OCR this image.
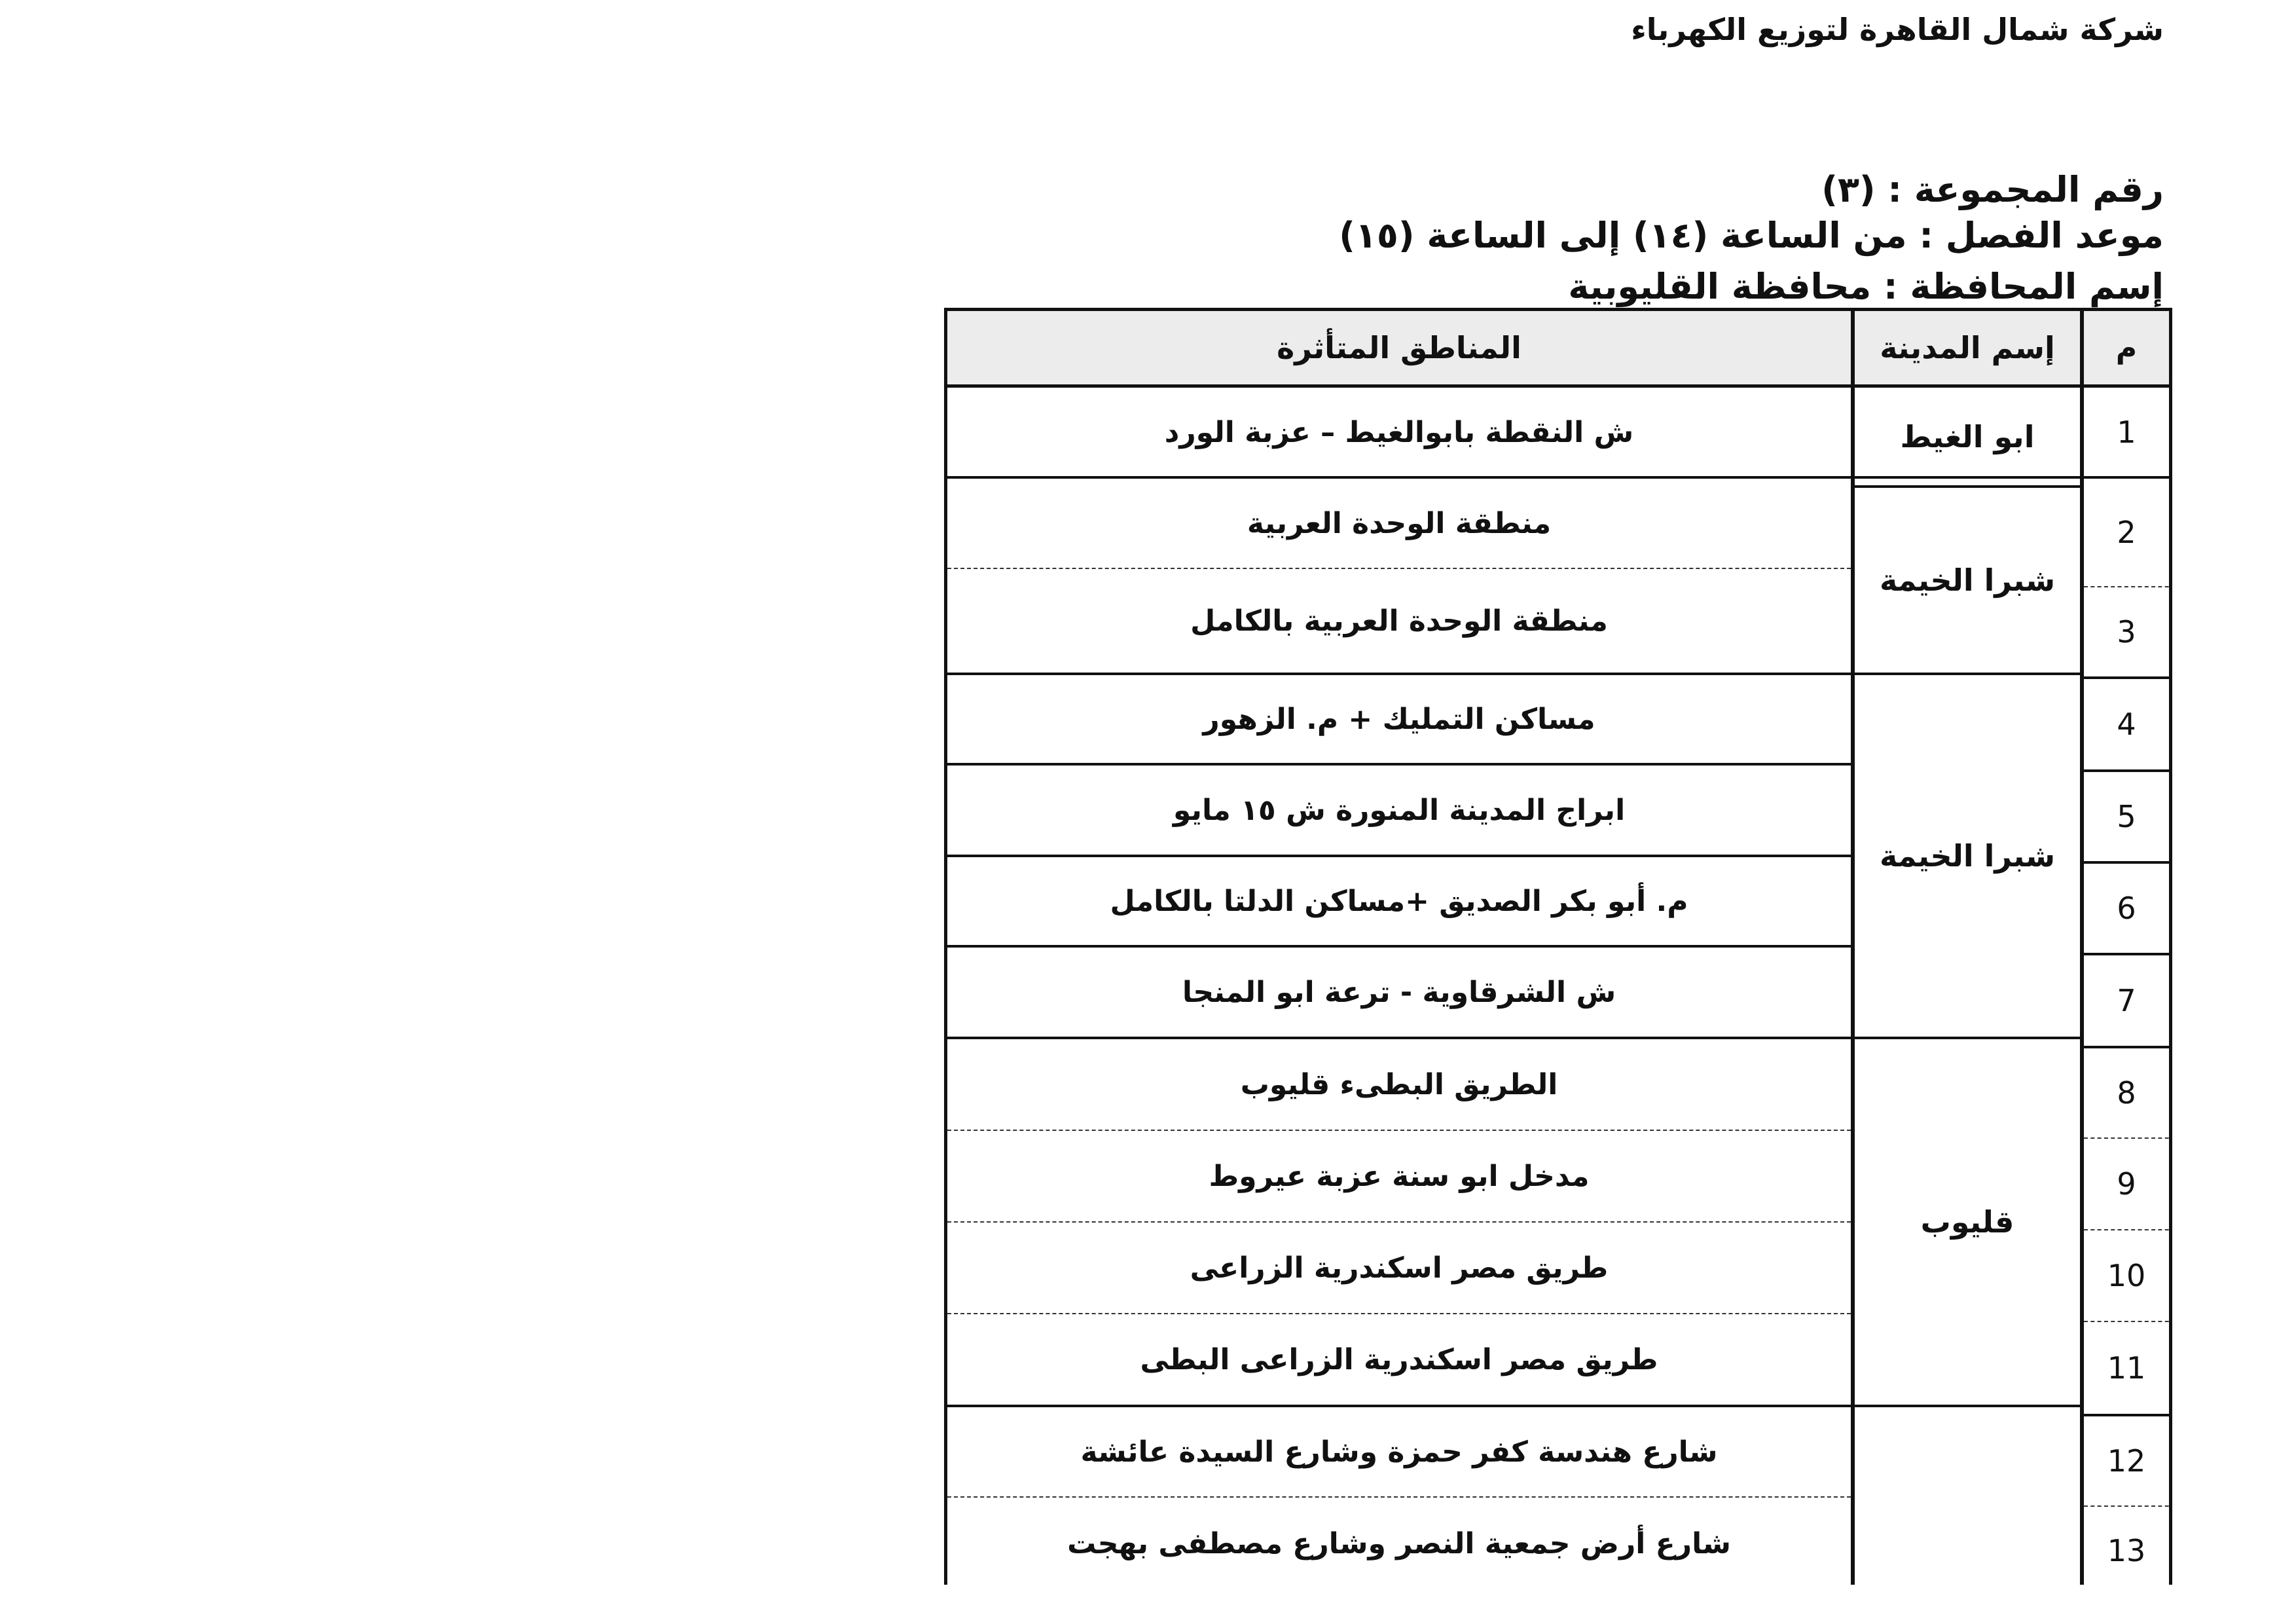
شركة شمال القاهرة لتوزيع الكهرباء
رقم المجموعة : (٣)
موعد الفصل : من الساعة (١٤) إلى الساعة (١٥)
إسم المحافظة : محافظة القليوبية
المناطق المتأثرة	إسم المدينة	م
1
2
3
4
5
6
7
8
9
10
11
12
13
ابو الغيط
شبرا الخيمة
شبرا الخيمة
قليوب
ش النقطة بابوالغيط – عزبة الورد
منطقة الوحدة العربية
منطقة الوحدة العربية بالكامل
مساكن التمليك + م. الزهور
ابراج المدينة المنورة ش ١٥ مايو
م. أبو بكر الصديق +مساكن الدلتا بالكامل
ش الشرقاوية - ترعة ابو المنجا
الطريق البطىء قليوب
مدخل ابو سنة عزبة عيروط
طريق مصر اسكندرية الزراعى
طريق مصر اسكندرية الزراعى البطى
شارع هندسة كفر حمزة وشارع السيدة عائشة
شارع أرض جمعية النصر وشارع مصطفى بهجت
